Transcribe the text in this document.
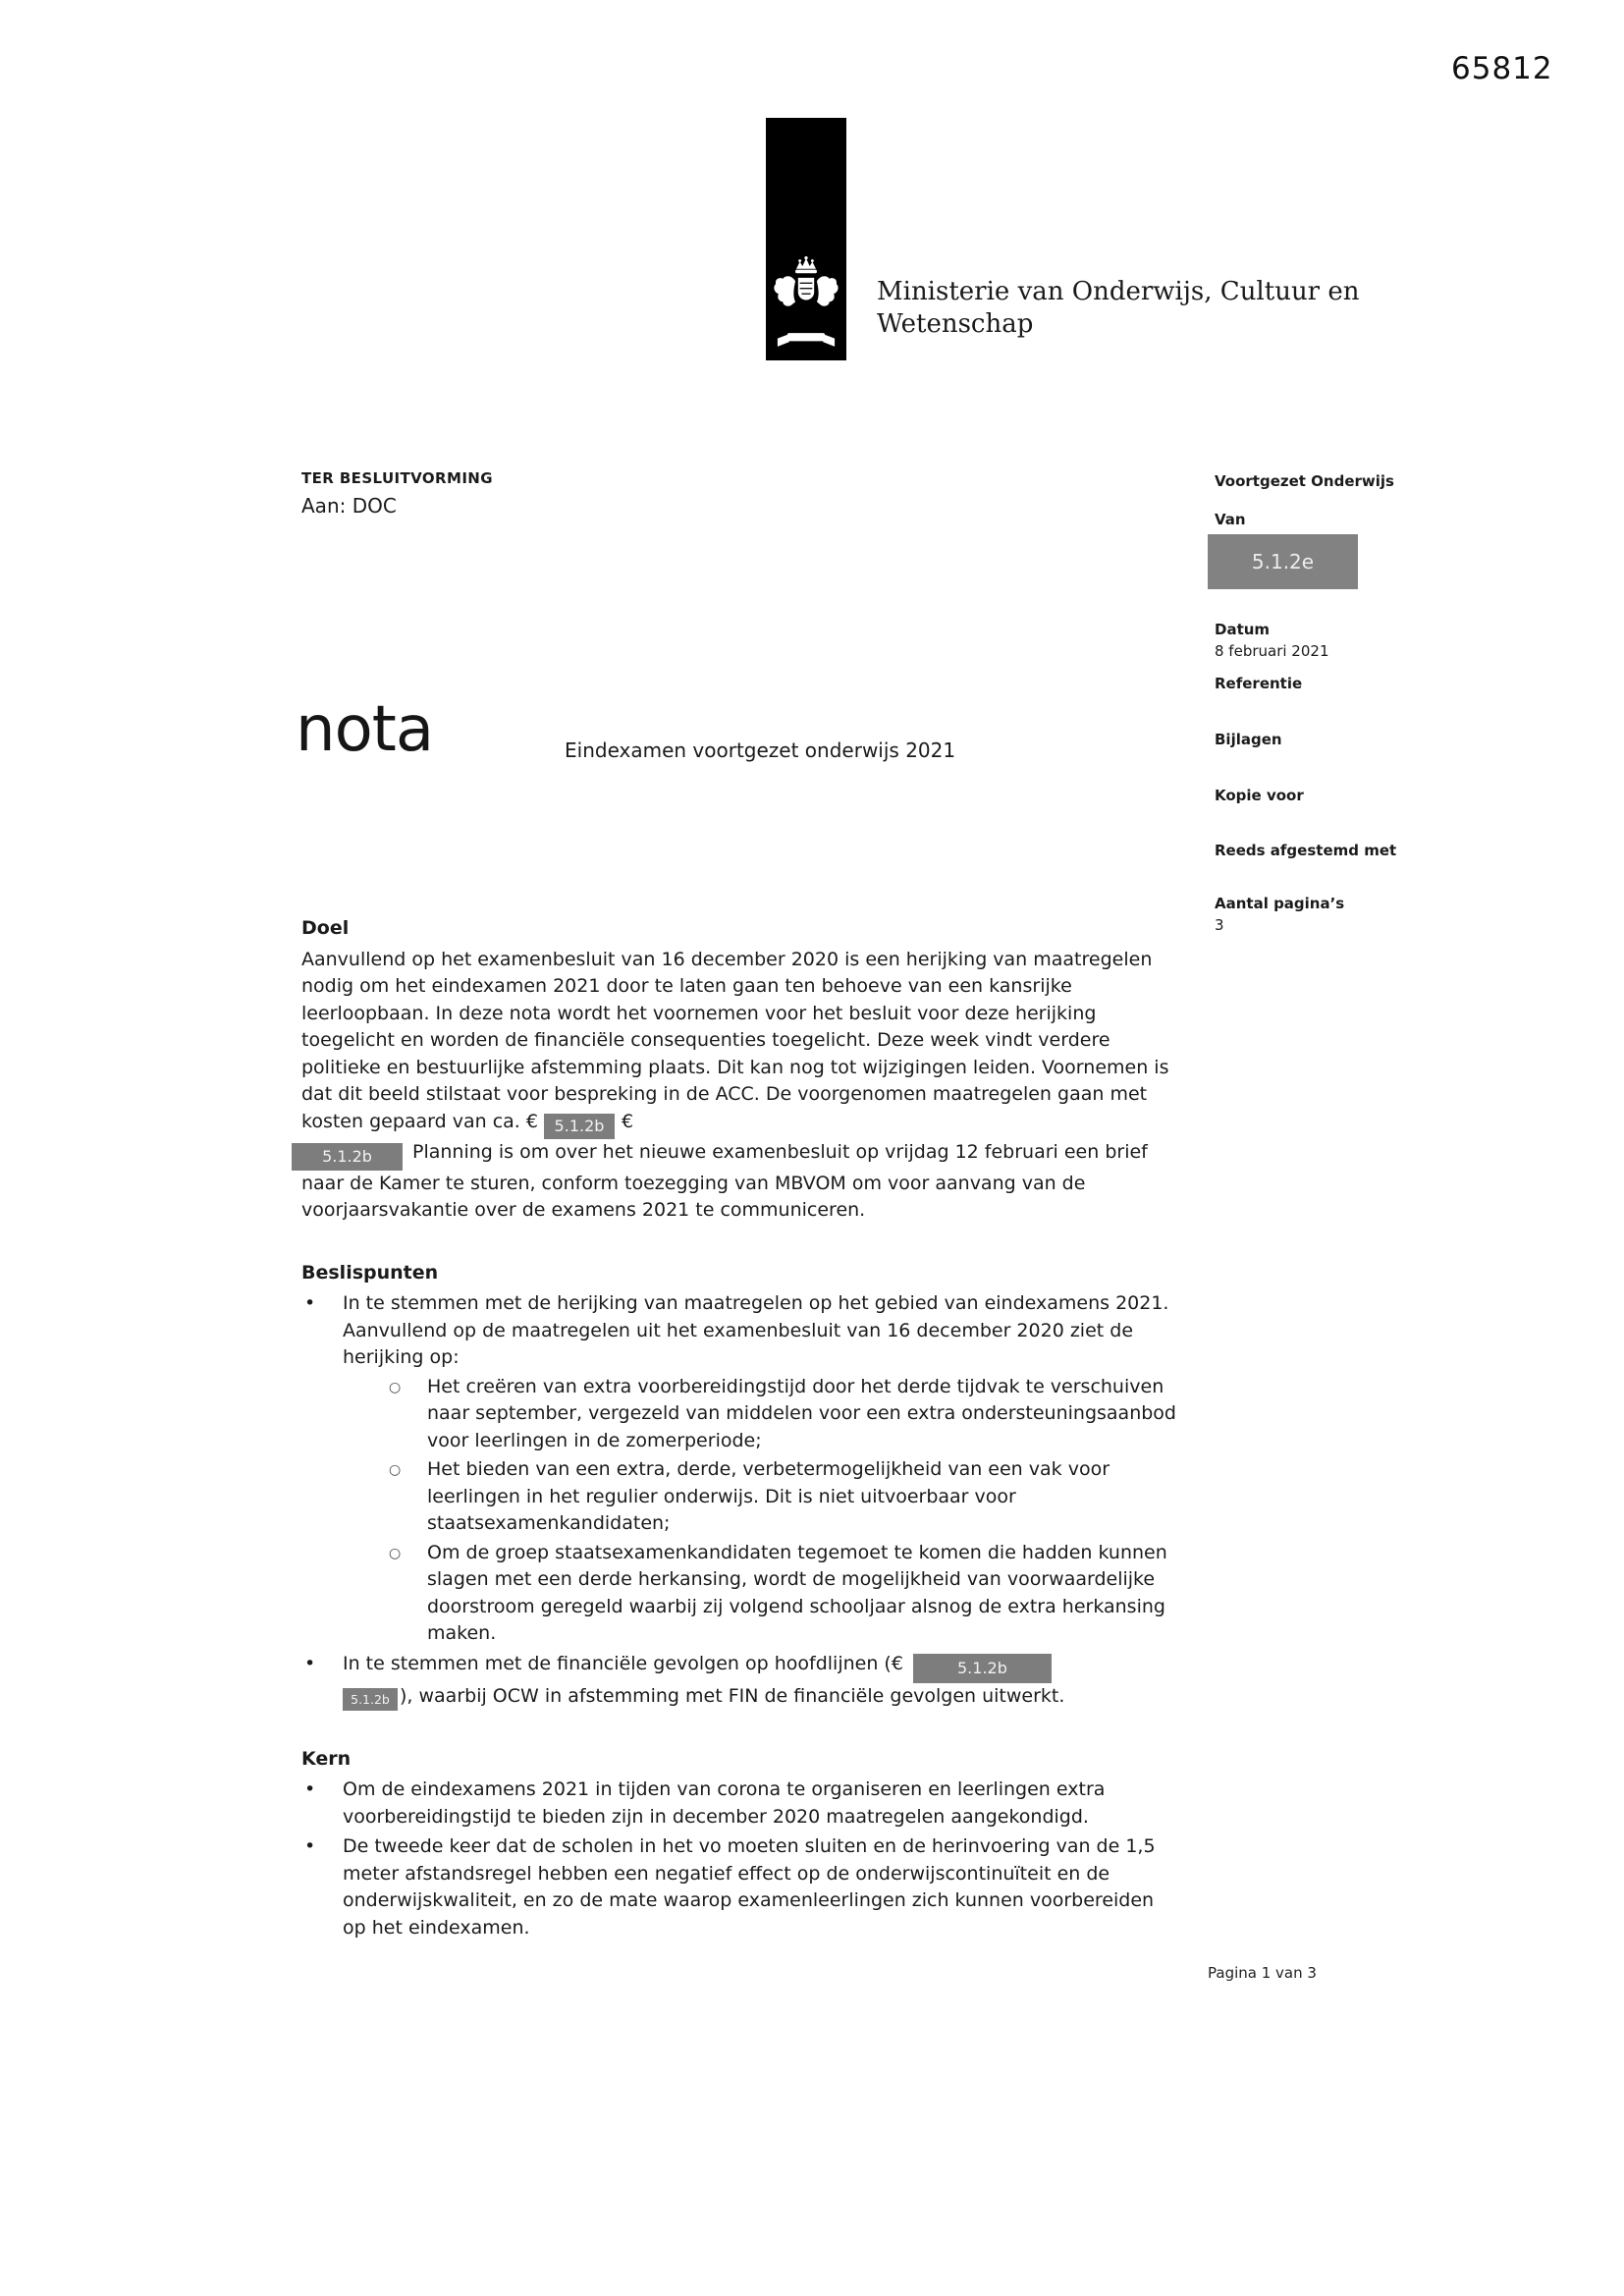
65812
Ministerie van Onderwijs, Cultuur en
Wetenschap
TER BESLUITVORMING
Aan: DOC
Voortgezet Onderwijs
Van
5.1.2e
Datum
8 februari 2021
Referentie
Bijlagen
Kopie voor
Reeds afgestemd met
Aantal pagina’s
3
nota	Eindexamen voortgezet onderwijs 2021
Doel

Aanvullend op het examenbesluit van 16 december 2020 is een herijking van maatregelen nodig om het eindexamen 2021 door te laten gaan ten behoeve van een kansrijke leerloopbaan. In deze nota wordt het voornemen voor het besluit voor deze herijking toegelicht en worden de financiële consequenties toegelicht. Deze week vindt verdere politieke en bestuurlijke afstemming plaats. Dit kan nog tot wijzigingen leiden. Voornemen is dat dit beeld stilstaat voor bespreking in de ACC. De voorgenomen maatregelen gaan met kosten gepaard van ca. € 5.1.2b €
5.1.2b Planning is om over het nieuwe examenbesluit op vrijdag 12 februari een brief naar de Kamer te sturen, conform toezegging van MBVOM om voor aanvang van de voorjaarsvakantie over de examens 2021 te communiceren.

Beslispunten
• In te stemmen met de herijking van maatregelen op het gebied van eindexamens 2021. Aanvullend op de maatregelen uit het examenbesluit van 16 december 2020 ziet de herijking op:
○ Het creëren van extra voorbereidingstijd door het derde tijdvak te verschuiven naar september, vergezeld van middelen voor een extra ondersteuningsaanbod voor leerlingen in de zomerperiode;
○ Het bieden van een extra, derde, verbetermogelijkheid van een vak voor leerlingen in het regulier onderwijs. Dit is niet uitvoerbaar voor staatsexamenkandidaten;
○ Om de groep staatsexamenkandidaten tegemoet te komen die hadden kunnen slagen met een derde herkansing, wordt de mogelijkheid van voorwaardelijke doorstroom geregeld waarbij zij volgend schooljaar alsnog de extra herkansing maken.
• In te stemmen met de financiële gevolgen op hoofdlijnen (€	5.1.2b
5.1.2b ), waarbij OCW in afstemming met FIN de financiële gevolgen uitwerkt.
Kern
• Om de eindexamens 2021 in tijden van corona te organiseren en leerlingen extra voorbereidingstijd te bieden zijn in december 2020 maatregelen aangekondigd.
• De tweede keer dat de scholen in het vo moeten sluiten en de herinvoering van de 1,5 meter afstandsregel hebben een negatief effect op de onderwijscontinuïteit en de onderwijskwaliteit, en zo de mate waarop examenleerlingen zich kunnen voorbereiden op het eindexamen.
Pagina 1 van 3
